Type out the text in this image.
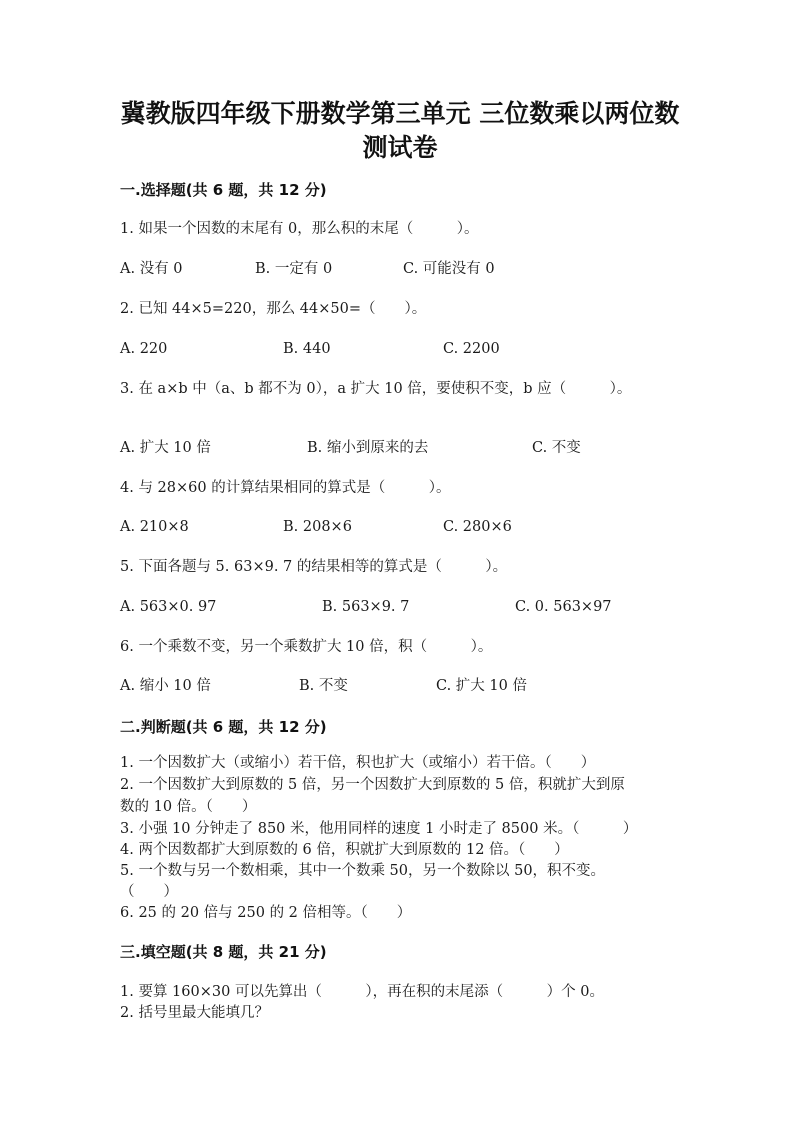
冀教版四年级下册数学第三单元 三位数乘以两位数
测试卷
一.选择题(共 6 题，共 12 分)
1. 如果一个因数的末尾有 0，那么积的末尾（　　　）。
A. 没有 0	B. 一定有 0	C. 可能没有 0
2. 已知 44×5=220，那么 44×50=（　　）。
A. 220	B. 440	C. 2200
3. 在 a×b 中（a、b 都不为 0），a 扩大 10 倍，要使积不变，b 应（　　　）。
A. 扩大 10 倍	B. 缩小到原来的去	C. 不变
4. 与 28×60 的计算结果相同的算式是（　　　）。
A. 210×8	B. 208×6	C. 280×6
5. 下面各题与 5. 63×9. 7 的结果相等的算式是（　　　）。
A. 563×0. 97	B. 563×9. 7	C. 0. 563×97
6. 一个乘数不变，另一个乘数扩大 10 倍，积（　　　）。
A. 缩小 10 倍	B. 不变	C. 扩大 10 倍
二.判断题(共 6 题，共 12 分)
1. 一个因数扩大（或缩小）若干倍，积也扩大（或缩小）若干倍。（　　）
2. 一个因数扩大到原数的 5 倍，另一个因数扩大到原数的 5 倍，积就扩大到原
数的 10 倍。（　　）
3. 小强 10 分钟走了 850 米，他用同样的速度 1 小时走了 8500 米。（　　　）
4. 两个因数都扩大到原数的 6 倍，积就扩大到原数的 12 倍。（　　）
5. 一个数与另一个数相乘，其中一个数乘 50，另一个数除以 50，积不变。
（　　）
6. 25 的 20 倍与 250 的 2 倍相等。（　　）
三.填空题(共 8 题，共 21 分)
1. 要算 160×30 可以先算出（　　　），再在积的末尾添（　　　）个 0。
2. 括号里最大能填几？
